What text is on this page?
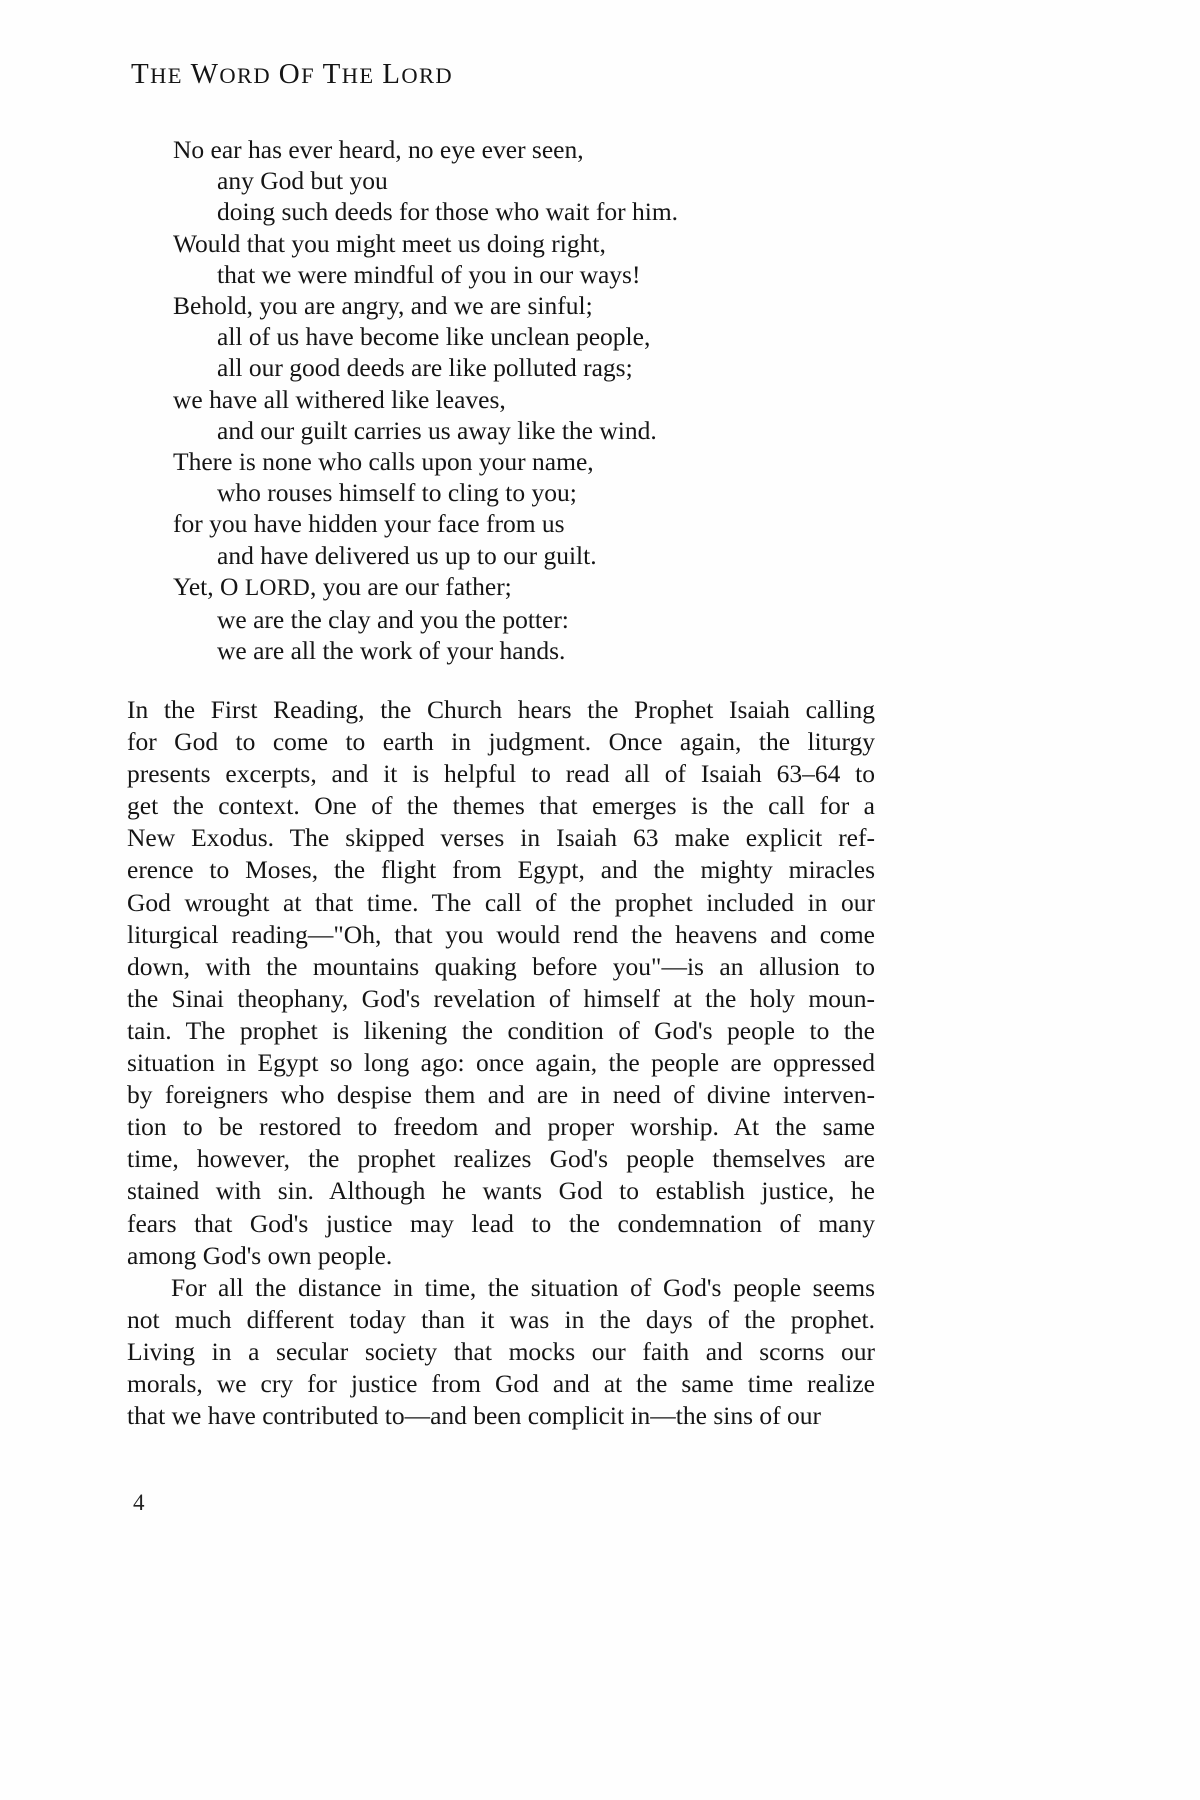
THE WORD OF THE LORD
No ear has ever heard, no eye ever seen,
any God but you
doing such deeds for those who wait for him.
Would that you might meet us doing right,
that we were mindful of you in our ways!
Behold, you are angry, and we are sinful;
all of us have become like unclean people,
all our good deeds are like polluted rags;
we have all withered like leaves,
and our guilt carries us away like the wind.
There is none who calls upon your name,
who rouses himself to cling to you;
for you have hidden your face from us
and have delivered us up to our guilt.
Yet, O LORD, you are our father;
we are the clay and you the potter:
we are all the work of your hands.

In the First Reading, the Church hears the Prophet Isaiah calling
for God to come to earth in judgment. Once again, the liturgy
presents excerpts, and it is helpful to read all of Isaiah 63–64 to
get the context. One of the themes that emerges is the call for a
New Exodus. The skipped verses in Isaiah 63 make explicit ref-
erence to Moses, the flight from Egypt, and the mighty miracles
God wrought at that time. The call of the prophet included in our
liturgical reading—"Oh, that you would rend the heavens and come
down, with the mountains quaking before you"—is an allusion to
the Sinai theophany, God's revelation of himself at the holy moun-
tain. The prophet is likening the condition of God's people to the
situation in Egypt so long ago: once again, the people are oppressed
by foreigners who despise them and are in need of divine interven-
tion to be restored to freedom and proper worship. At the same
time, however, the prophet realizes God's people themselves are
stained with sin. Although he wants God to establish justice, he
fears that God's justice may lead to the condemnation of many
among God's own people.

For all the distance in time, the situation of God's people seems
not much different today than it was in the days of the prophet.
Living in a secular society that mocks our faith and scorns our
morals, we cry for justice from God and at the same time realize
that we have contributed to—and been complicit in—the sins of our

4
